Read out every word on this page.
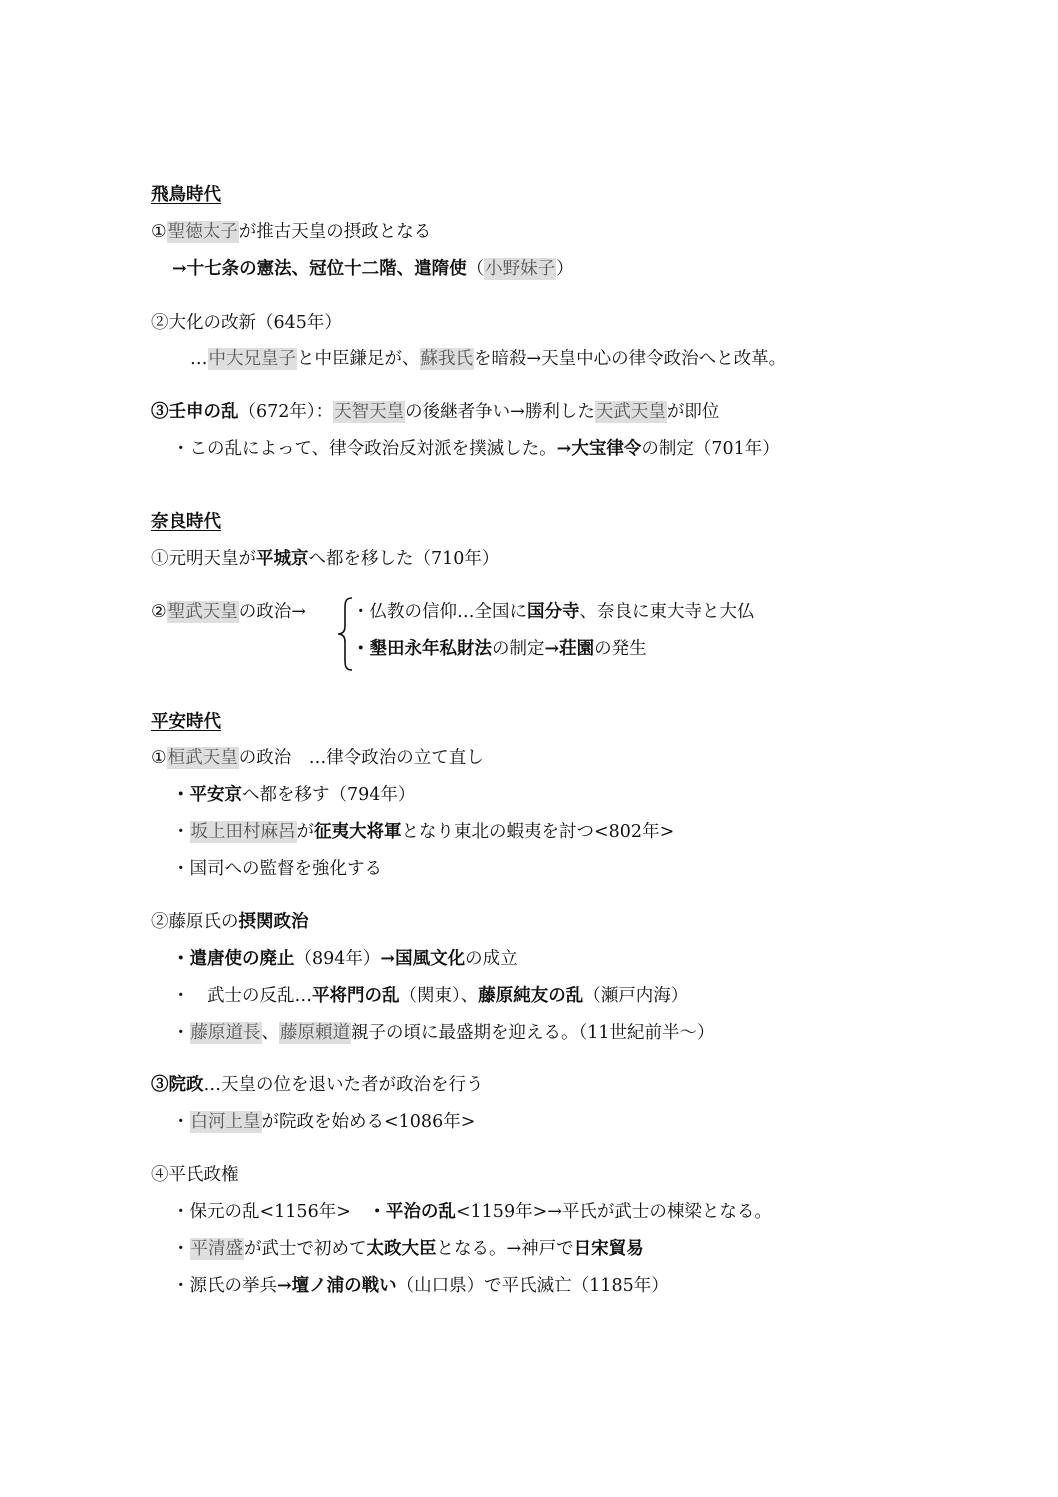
飛鳥時代
①聖徳太子が推古天皇の摂政となる
→十七条の憲法、冠位十二階、遣隋使（小野妹子）
②大化の改新（645年）
…中大兄皇子と中臣鎌足が、蘇我氏を暗殺→天皇中心の律令政治へと改革。
③壬申の乱（672年）：天智天皇の後継者争い→勝利した天武天皇が即位
・この乱によって、律令政治反対派を撲滅した。→大宝律令の制定（701年）
奈良時代
①元明天皇が平城京へ都を移した（710年）
②聖武天皇の政治→	・仏教の信仰…全国に国分寺、奈良に東大寺と大仏
・墾田永年私財法の制定→荘園の発生
平安時代
①桓武天皇の政治　…律令政治の立て直し
・平安京へ都を移す（794年）
・坂上田村麻呂が征夷大将軍となり東北の蝦夷を討つ<802年>
・国司への監督を強化する
②藤原氏の摂関政治
・遣唐使の廃止（894年）→国風文化の成立
・　武士の反乱…平将門の乱（関東）、藤原純友の乱（瀬戸内海）
・藤原道長、藤原頼道親子の頃に最盛期を迎える。（11世紀前半～）
③院政…天皇の位を退いた者が政治を行う
・白河上皇が院政を始める<1086年>
④平氏政権
・保元の乱<1156年>　・平治の乱<1159年>→平氏が武士の棟梁となる。
・平清盛が武士で初めて太政大臣となる。→神戸で日宋貿易
・源氏の挙兵→壇ノ浦の戦い（山口県）で平氏滅亡（1185年）
